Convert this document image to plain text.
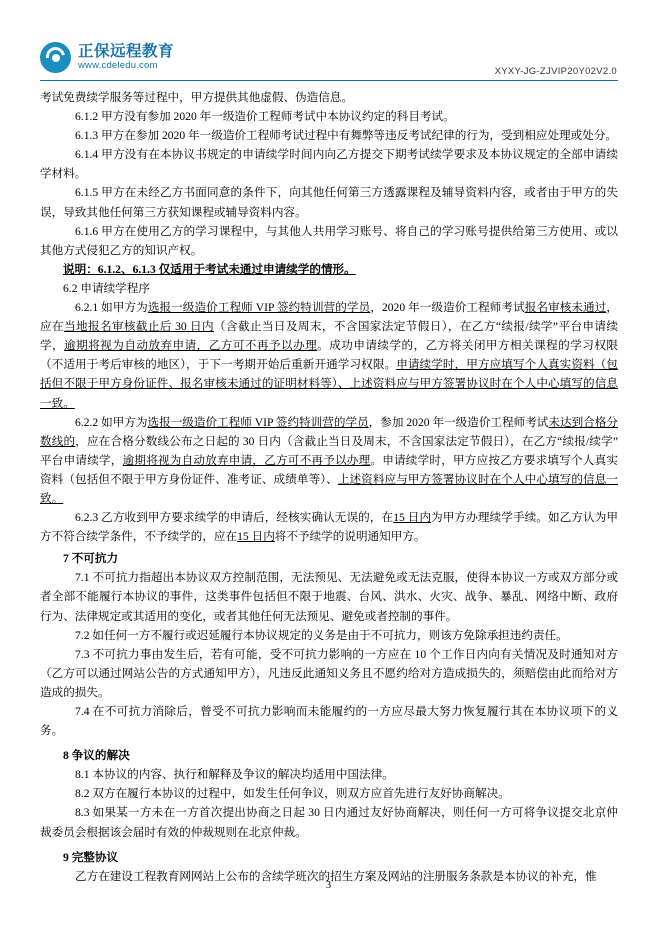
正保远程教育
www.cdeledu.com
XYXY-JG-ZJVIP20Y02V2.0

考试免费续学服务等过程中，甲方提供其他虚假、伪造信息。

6.1.2 甲方没有参加 2020 年一级造价工程师考试中本协议约定的科目考试。

6.1.3 甲方在参加 2020 年一级造价工程师考试过程中有舞弊等违反考试纪律的行为，受到相应处理或处分。

6.1.4 甲方没有在本协议书规定的申请续学时间内向乙方提交下期考试续学要求及本协议规定的全部申请续学材料。

6.1.5 甲方在未经乙方书面同意的条件下，向其他任何第三方透露课程及辅导资料内容，或者由于甲方的失误，导致其他任何第三方获知课程或辅导资料内容。

6.1.6 甲方在使用乙方的学习课程中，与其他人共用学习账号、将自己的学习账号提供给第三方使用、或以其他方式侵犯乙方的知识产权。

说明：6.1.2、6.1.3 仅适用于考试未通过申请续学的情形。

6.2 申请续学程序

6.2.1 如甲方为选报一级造价工程师 VIP 签约特训营的学员，2020 年一级造价工程师考试报名审核未通过，应在当地报名审核截止后 30 日内（含截止当日及周末，不含国家法定节假日），在乙方“续报/续学”平台申请续学，逾期将视为自动放弃申请，乙方可不再予以办理。成功申请续学的，乙方将关闭甲方相关课程的学习权限（不适用于考后审核的地区），于下一考期开始后重新开通学习权限。申请续学时，甲方应填写个人真实资料（包括但不限于甲方身份证件、报名审核未通过的证明材料等）、上述资料应与甲方签署协议时在个人中心填写的信息一致。

6.2.2 如甲方为选报一级造价工程师 VIP 签约特训营的学员，参加 2020 年一级造价工程师考试未达到合格分数线的，应在合格分数线公布之日起的 30 日内（含截止当日及周末，不含国家法定节假日），在乙方“续报/续学”平台申请续学，逾期将视为自动放弃申请，乙方可不再予以办理。申请续学时，甲方应按乙方要求填写个人真实资料（包括但不限于甲方身份证件、准考证、成绩单等）、上述资料应与甲方签署协议时在个人中心填写的信息一致。

6.2.3 乙方收到甲方要求续学的申请后，经核实确认无误的，在15 日内为甲方办理续学手续。如乙方认为甲方不符合续学条件，不予续学的，应在15 日内将不予续学的说明通知甲方。

7 不可抗力

7.1 不可抗力指超出本协议双方控制范围，无法预见、无法避免或无法克服，使得本协议一方或双方部分或者全部不能履行本协议的事件，这类事件包括但不限于地震、台风、洪水、火灾、战争、暴乱、网络中断、政府行为、法律规定或其适用的变化，或者其他任何无法预见、避免或者控制的事件。

7.2 如任何一方不履行或迟延履行本协议规定的义务是由于不可抗力，则该方免除承担违约责任。

7.3 不可抗力事由发生后，若有可能，受不可抗力影响的一方应在 10 个工作日内向有关情况及时通知对方（乙方可以通过网站公告的方式通知甲方），凡违反此通知义务且不愿约给对方造成损失的，须赔偿由此而给对方造成的损失。

7.4 在不可抗力消除后，曾受不可抗力影响而未能履约的一方应尽最大努力恢复履行其在本协议项下的义务。

8 争议的解决

8.1 本协议的内容、执行和解释及争议的解决均适用中国法律。

8.2 双方在履行本协议的过程中，如发生任何争议，则双方应首先进行友好协商解决。

8.3 如果某一方未在一方首次提出协商之日起 30 日内通过友好协商解决，则任何一方可将争议提交北京仲裁委员会根据该会届时有效的仲裁规则在北京仲裁。

9 完整协议

乙方在建设工程教育网网站上公布的含续学班次的招生方案及网站的注册服务条款是本协议的补充，惟

3
